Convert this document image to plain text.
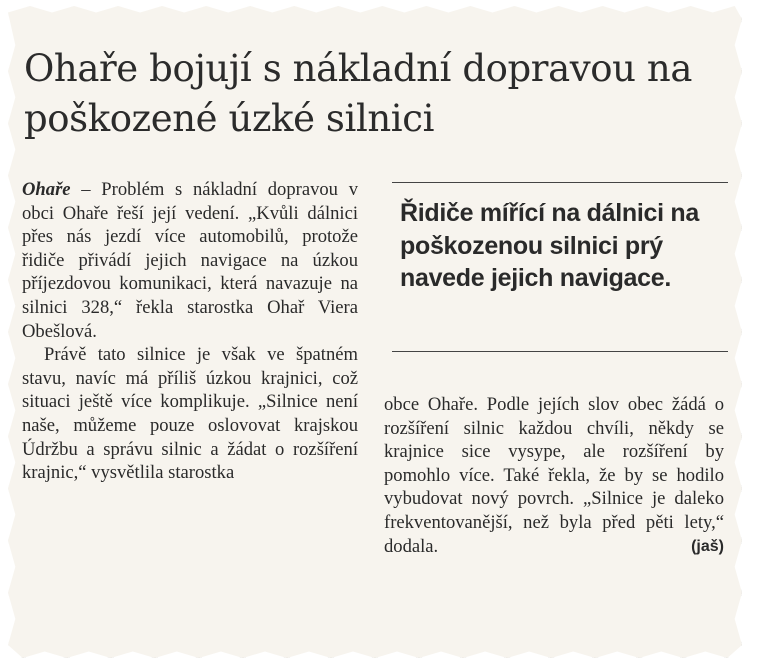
Ohaře bojují s nákladní dopravou na poškozené úzké silnici

Ohaře – Problém s nákladní dopravou v obci Ohaře řeší její vedení. „Kvůli dálnici přes nás jezdí více automobilů, protože řidiče přivádí jejich navigace na úzkou příjezdovou komunikaci, která navazuje na silnici 328,“ řekla starostka Ohař Viera Obešlová.

Právě tato silnice je však ve špatném stavu, navíc má příliš úzkou krajnici, což situaci ještě více komplikuje. „Silnice není naše, můžeme pouze oslovovat krajskou Údržbu a správu silnic a žádat o rozšíření krajnic,“ vysvětlila starostka

Řidiče mířící na dálnici na poškozenou silnici prý navede jejich navigace.

obce Ohaře. Podle jejích slov obec žádá o rozšíření silnic každou chvíli, někdy se krajnice sice vysype, ale rozšíření by pomohlo více. Také řekla, že by se hodilo vybudovat nový povrch. „Silnice je daleko frekventovanější, než byla před pěti lety,“ dodala.	(jaš)
